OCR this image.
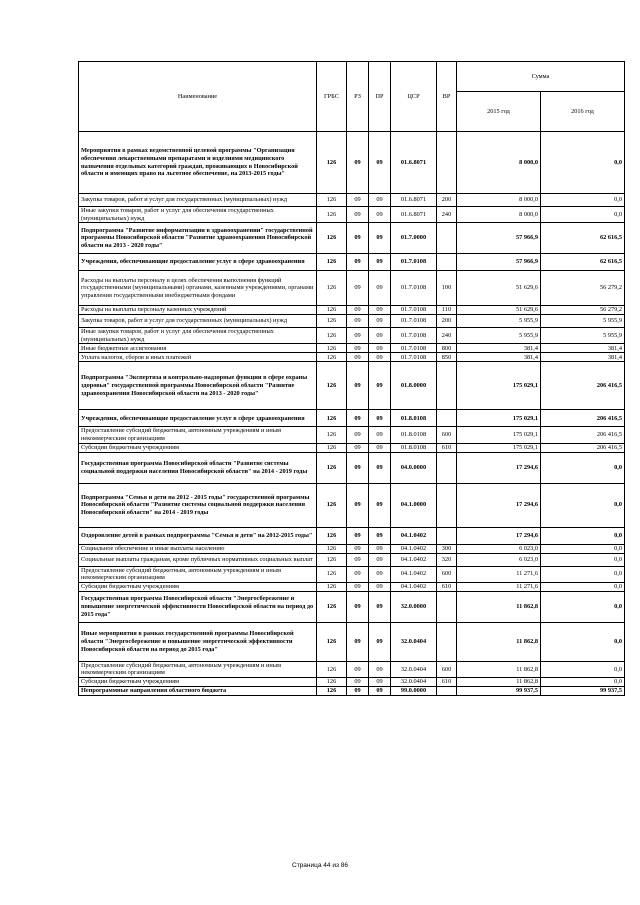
Наименование	ГРБС	РЗ	ПР	ЦСР	ВР	Сумма	
						2015 год	2016 год
Мероприятия в рамках ведомственной целевой программы "Организация обеспечения лекарственными препаратами и изделиями медицинского назначения отдельных категорий граждан, проживающих в Новосибирской области и имеющих право на льготное обеспечение, на 2013-2015 годы"	126	09	09	01.6.8071		8 000,0	0,0
Закупка товаров, работ и услуг для государственных (муниципальных) нужд	126	09	09	01.6.8071	200	8 000,0	0,0
Иные закупки товаров, работ и услуг для обеспечения государственных (муниципальных) нужд	126	09	09	01.6.8071	240	8 000,0	0,0
Подпрограмма "Развитие информатизации в здравоохранении" государственной программы Новосибирской области "Развитие здравоохранения Новосибирской области на 2013 - 2020 годы"	126	09	09	01.7.0000		57 966,9	62 616,5
Учреждения, обеспечивающие предоставление услуг в сфере здравоохранения	126	09	09	01.7.0108		57 966,9	62 616,5
Расходы на выплаты персоналу в целях обеспечения выполнения функций государственными (муниципальными) органами, казенными учреждениями, органами управления государственными внебюджетными фондами	126	09	09	01.7.0108	100	51 629,6	56 279,2
Расходы на выплаты персоналу казенных учреждений	126	09	09	01.7.0108	110	51 629,6	56 279,2
Закупка товаров, работ и услуг для государственных (муниципальных) нужд	126	09	09	01.7.0108	200	5 955,9	5 955,9
Иные закупки товаров, работ и услуг для обеспечения государственных (муниципальных) нужд	126	09	09	01.7.0108	240	5 955,9	5 955,9
Иные бюджетные ассигнования	126	09	09	01.7.0108	800	381,4	381,4
Уплата налогов, сборов и иных платежей	126	09	09	01.7.0108	850	381,4	381,4
Подпрограмма "Экспертиза и контрольно-надзорные функции в сфере охраны здоровья" государственной программы Новосибирской области "Развитие здравоохранения Новосибирской области на 2013 - 2020 годы"	126	09	09	01.8.0000		175 029,1	206 416,5
Учреждения, обеспечивающие предоставление услуг в сфере здравоохранения	126	09	09	01.8.0108		175 029,1	206 416,5
Предоставление субсидий бюджетным, автономным учреждениям и иным некоммерческим организациям	126	09	09	01.8.0108	600	175 029,1	206 416,5
Субсидии бюджетным учреждениям	126	09	09	01.8.0108	610	175 029,1	206 416,5
Государственная программа Новосибирской области "Развитие системы социальной поддержки населения Новосибирской области" на 2014 - 2019 годы	126	09	09	04.0.0000		17 294,6	0,0
Подпрограмма "Семья и дети на 2012 - 2015 годы" государственной программы Новосибирской области "Развитие системы социальной поддержки населения Новосибирской области" на 2014 - 2019 годы	126	09	09	04.1.0000		17 294,6	0,0
Оздоровление детей в рамках подпрограммы "Семья и дети" на 2012-2015 годы"	126	09	09	04.1.0402		17 294,6	0,0
Социальное обеспечение и иные выплаты населению	126	09	09	04.1.0402	300	6 023,0	0,0
Социальные выплаты гражданам, кроме публичных нормативных социальных выплат	126	09	09	04.1.0402	320	6 023,0	0,0
Предоставление субсидий бюджетным, автономным учреждениям и иным некоммерческим организациям	126	09	09	04.1.0402	600	11 271,6	0,0
Субсидии бюджетным учреждениям	126	09	09	04.1.0402	610	11 271,6	0,0
Государственная программа Новосибирской области "Энергосбережение и повышение энергетической эффективности Новосибирской области на период до 2015 года"	126	09	09	32.0.0000		11 862,8	0,0
Иные мероприятия в рамках государственной программы Новосибирской области "Энергосбережение и повышение энергетической эффективности Новосибирской области на период до 2015 года"	126	09	09	32.0.0404		11 862,8	0,0
Предоставление субсидий бюджетным, автономным учреждениям и иным некоммерческим организациям	126	09	09	32.0.0404	600	11 862,8	0,0
Субсидии бюджетным учреждениям	126	09	09	32.0.0404	610	11 862,8	0,0
Непрограммные направления областного бюджета	126	09	09	99.0.0000		99 937,5	99 937,5
Страница 44 из 86
